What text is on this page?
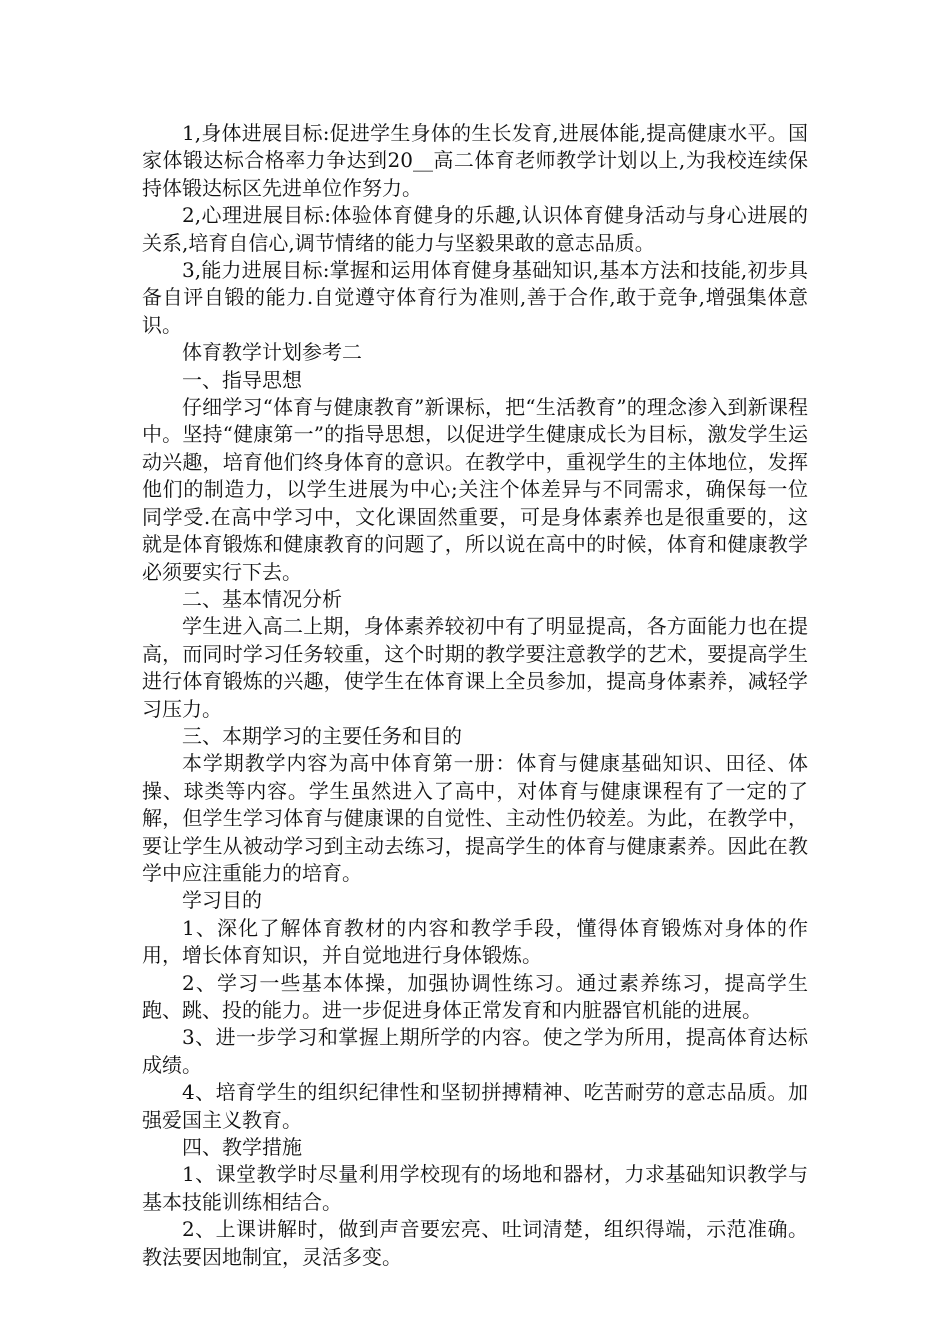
1,身体进展目标:促进学生身体的生长发育,进展体能,提高健康水平。国家体锻达标合格率力争达到20__高二体育老师教学计划以上,为我校连续保持体锻达标区先进单位作努力。

2,心理进展目标:体验体育健身的乐趣,认识体育健身活动与身心进展的关系,培育自信心,调节情绪的能力与坚毅果敢的意志品质。

3,能力进展目标:掌握和运用体育健身基础知识,基本方法和技能,初步具备自评自锻的能力.自觉遵守体育行为准则,善于合作,敢于竞争,增强集体意识。

体育教学计划参考二

一、指导思想

仔细学习“体育与健康教育”新课标，把“生活教育”的理念渗入到新课程中。坚持“健康第一”的指导思想，以促进学生健康成长为目标，激发学生运动兴趣，培育他们终身体育的意识。在教学中，重视学生的主体地位，发挥他们的制造力，以学生进展为中心;关注个体差异与不同需求，确保每一位同学受.在高中学习中，文化课固然重要，可是身体素养也是很重要的，这就是体育锻炼和健康教育的问题了，所以说在高中的时候，体育和健康教学必须要实行下去。

二、基本情况分析

学生进入高二上期，身体素养较初中有了明显提高，各方面能力也在提高，而同时学习任务较重，这个时期的教学要注意教学的艺术，要提高学生进行体育锻炼的兴趣，使学生在体育课上全员参加，提高身体素养，减轻学习压力。

三、本期学习的主要任务和目的

本学期教学内容为高中体育第一册：体育与健康基础知识、田径、体操、球类等内容。学生虽然进入了高中，对体育与健康课程有了一定的了解，但学生学习体育与健康课的自觉性、主动性仍较差。为此，在教学中，要让学生从被动学习到主动去练习，提高学生的体育与健康素养。因此在教学中应注重能力的培育。

学习目的

1、深化了解体育教材的内容和教学手段，懂得体育锻炼对身体的作用，增长体育知识，并自觉地进行身体锻炼。

2、学习一些基本体操，加强协调性练习。通过素养练习，提高学生跑、跳、投的能力。进一步促进身体正常发育和内脏器官机能的进展。

3、进一步学习和掌握上期所学的内容。使之学为所用，提高体育达标成绩。

4、培育学生的组织纪律性和坚韧拼搏精神、吃苦耐劳的意志品质。加强爱国主义教育。

四、教学措施

1、课堂教学时尽量利用学校现有的场地和器材，力求基础知识教学与基本技能训练相结合。

2、上课讲解时，做到声音要宏亮、吐词清楚，组织得端，示范准确。教法要因地制宜，灵活多变。
